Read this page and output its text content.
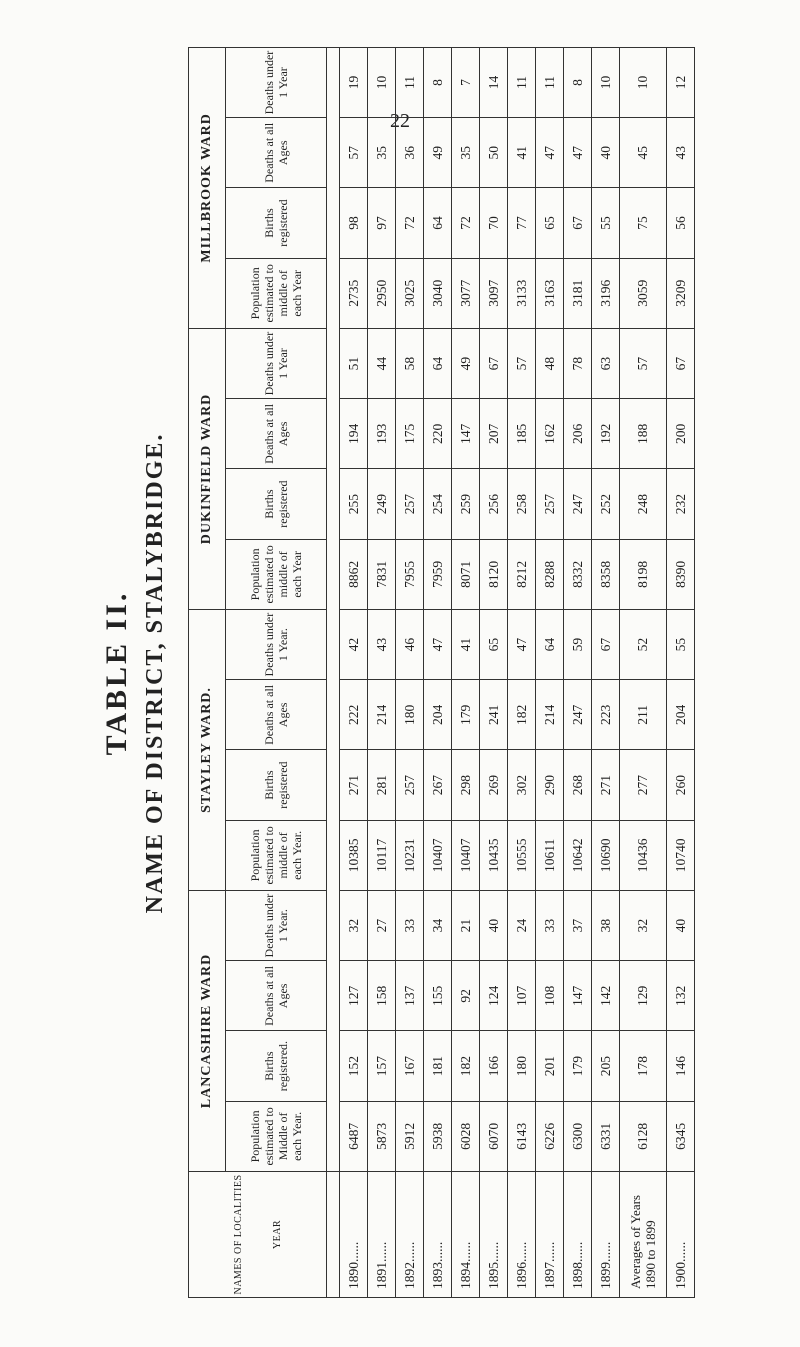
22
TABLE II. NAME OF DISTRICT, STALYBRIDGE.
NAMES OF LOCALITIES YEAR	LANCASHIRE WARD				STAYLEY WARD.				DUKINFIELD WARD				MILLBROOK WARD			
	Population estimated to Middle of each Year.	Births registered.	Deaths at all Ages	Deaths under 1 Year.	Population estimated to middle of each Year.	Births registered	Deaths at all Ages	Deaths under 1 Year.	Population estimated to middle of each Year	Births registered	Deaths at all Ages	Deaths under 1 Year	Population estimated to middle of each Year	Births registered	Deaths at all Ages	Deaths under 1 Year

1890......	6487	152	127	32	10385	271	222	42	8862	255	194	51	2735	98	57	19
1891......	5873	157	158	27	10117	281	214	43	7831	249	193	44	2950	97	35	10
1892......	5912	167	137	33	10231	257	180	46	7955	257	175	58	3025	72	36	11
1893......	5938	181	155	34	10407	267	204	47	7959	254	220	64	3040	64	49	8
1894......	6028	182	92	21	10407	298	179	41	8071	259	147	49	3077	72	35	7
1895......	6070	166	124	40	10435	269	241	65	8120	256	207	67	3097	70	50	14
1896......	6143	180	107	24	10555	302	182	47	8212	258	185	57	3133	77	41	11
1897......	6226	201	108	33	10611	290	214	64	8288	257	162	48	3163	65	47	11
1898......	6300	179	147	37	10642	268	247	59	8332	247	206	78	3181	67	47	8
1899......	6331	205	142	38	10690	271	223	67	8358	252	192	63	3196	55	40	10
Averages of Years 1890 to 1899	6128	178	129	32	10436	277	211	52	8198	248	188	57	3059	75	45	10
1900......	6345	146	132	40	10740	260	204	55	8390	232	200	67	3209	56	43	12
